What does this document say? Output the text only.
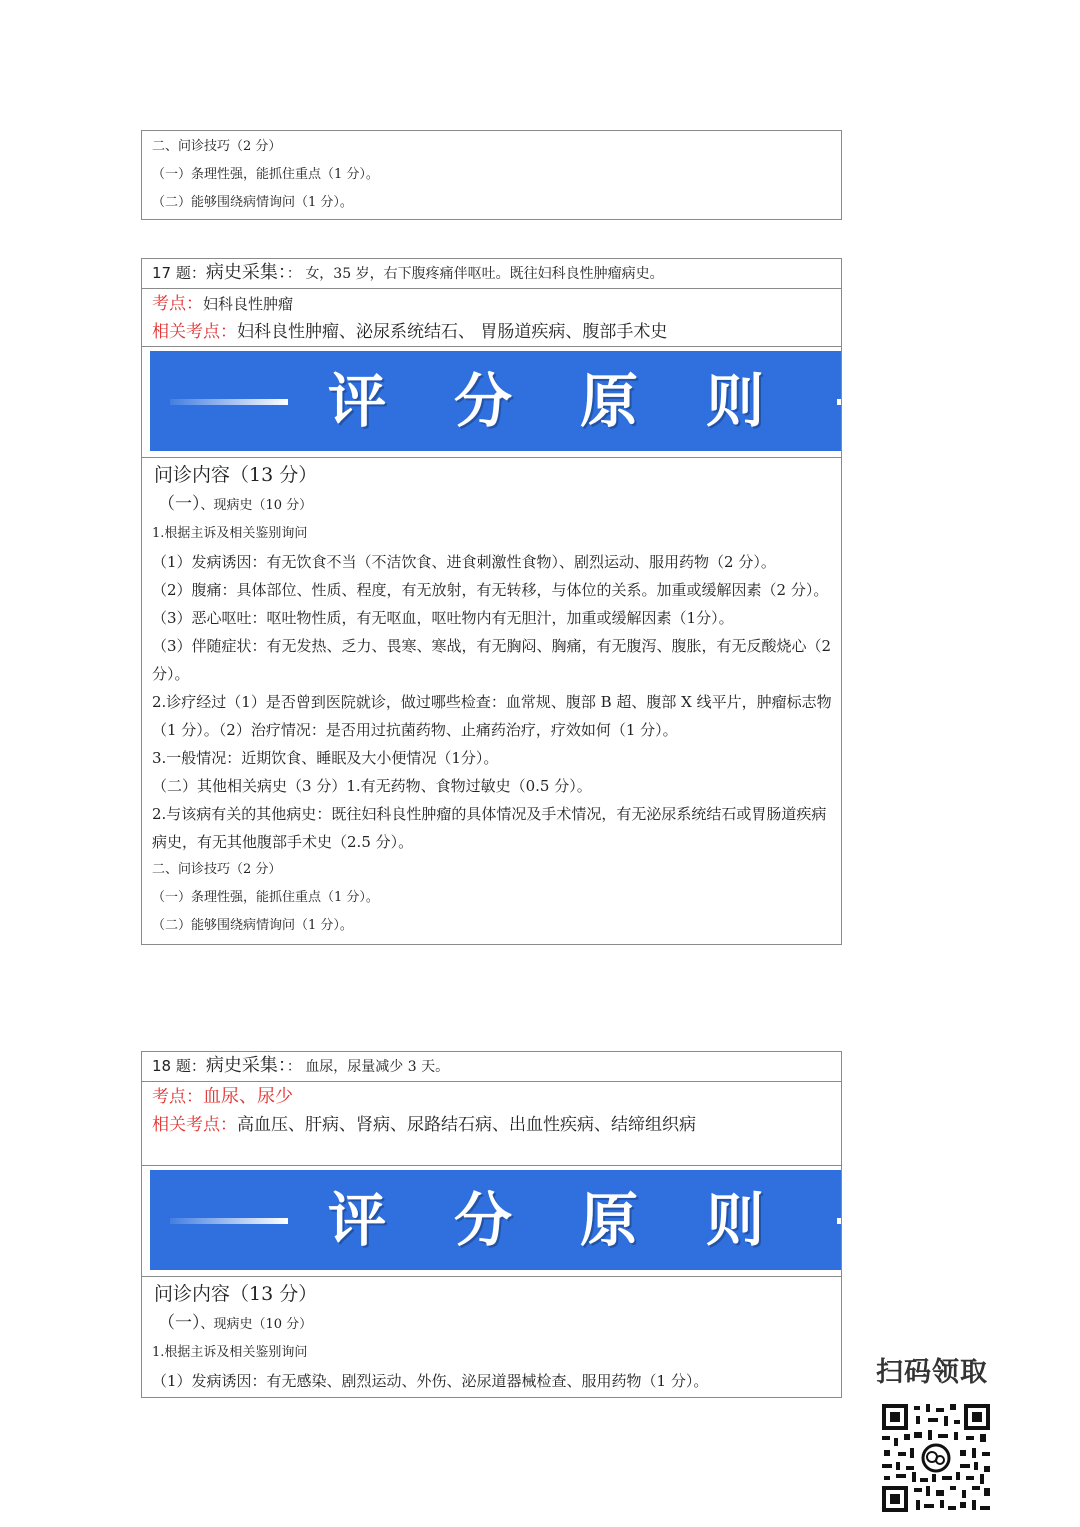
二、问诊技巧（2 分）
（一）条理性强，能抓住重点（1 分）。
（二）能够围绕病情询问（1 分）。
17 题：病史采集：： 女，35 岁，右下腹疼痛伴呕吐。既往妇科良性肿瘤病史。
考点：妇科良性肿瘤
相关考点：妇科良性肿瘤、泌尿系统结石、 胃肠道疾病、腹部手术史
评分原则
问诊内容（13 分）
（一）、现病史（10 分）
1.根据主诉及相关鉴别询问
（1）发病诱因：有无饮食不当（不洁饮食、进食刺激性食物）、剧烈运动、服用药物（2 分）。
（2）腹痛：具体部位、性质、程度，有无放射，有无转移，与体位的关系。加重或缓解因素（2 分）。
（3）恶心呕吐：呕吐物性质，有无呕血，呕吐物内有无胆汁，加重或缓解因素（1分）。
（3）伴随症状：有无发热、乏力、畏寒、寒战，有无胸闷、胸痛，有无腹泻、腹胀，有无反酸烧心（2 分）。
2.诊疗经过（1）是否曾到医院就诊，做过哪些检查：血常规、腹部 B 超、腹部 X 线平片，肿瘤标志物（1 分）。（2）治疗情况：是否用过抗菌药物、止痛药治疗，疗效如何（1 分）。
3.一般情况：近期饮食、睡眠及大小便情况（1分）。
（二）其他相关病史（3 分）1.有无药物、食物过敏史（0.5 分）。
2.与该病有关的其他病史：既往妇科良性肿瘤的具体情况及手术情况，有无泌尿系统结石或胃肠道疾病病史，有无其他腹部手术史（2.5 分）。
二、问诊技巧（2 分）
（一）条理性强，能抓住重点（1 分）。
（二）能够围绕病情询问（1 分）。
18 题：病史采集：： 血尿，尿量减少 3 天。
考点：血尿、尿少
相关考点：高血压、肝病、肾病、尿路结石病、出血性疾病、结缔组织病
评分原则
问诊内容（13 分）
（一）、现病史（10 分）
1.根据主诉及相关鉴别询问
（1）发病诱因：有无感染、剧烈运动、外伤、泌尿道器械检查、服用药物（1 分）。	扫码领取
